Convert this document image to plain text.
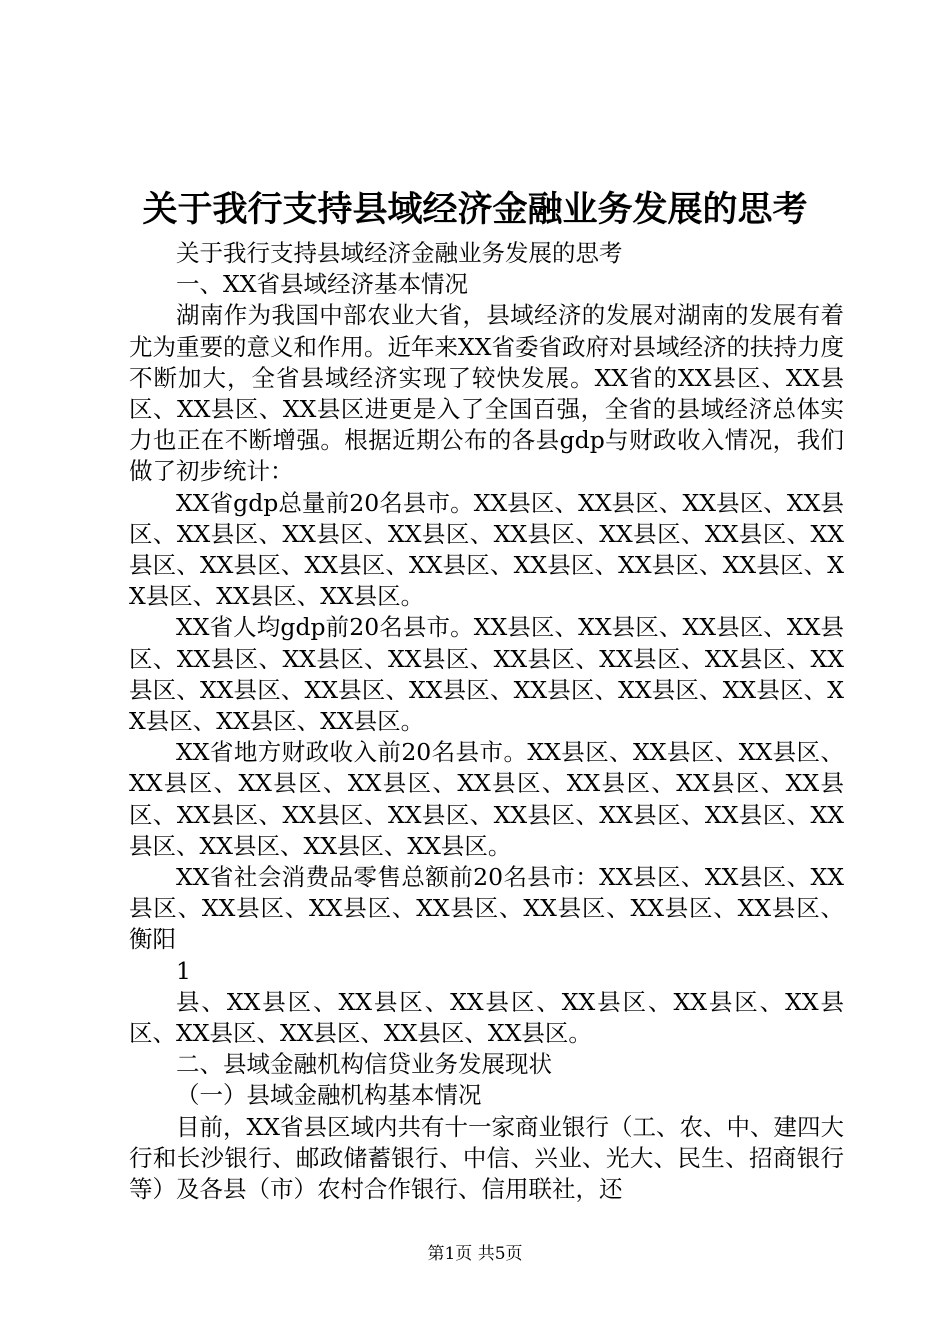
关于我行支持县域经济金融业务发展的思考

关于我行支持县域经济金融业务发展的思考

一、XX省县域经济基本情况

湖南作为我国中部农业大省，县域经济的发展对湖南的发展有着尤为重要的意义和作用。近年来XX省委省政府对县域经济的扶持力度不断加大，全省县域经济实现了较快发展。XX省的XX县区、XX县区、XX县区、XX县区进更是入了全国百强，全省的县域经济总体实力也正在不断增强。根据近期公布的各县gdp与财政收入情况，我们做了初步统计：

XX省gdp总量前20名县市。XX县区、XX县区、XX县区、XX县区、XX县区、XX县区、XX县区、XX县区、XX县区、XX县区、XX县区、XX县区、XX县区、XX县区、XX县区、XX县区、XX县区、XX县区、XX县区、XX县区。

XX省人均gdp前20名县市。XX县区、XX县区、XX县区、XX县区、XX县区、XX县区、XX县区、XX县区、XX县区、XX县区、XX县区、XX县区、XX县区、XX县区、XX县区、XX县区、XX县区、XX县区、XX县区、XX县区。

XX省地方财政收入前20名县市。XX县区、XX县区、XX县区、XX县区、XX县区、XX县区、XX县区、XX县区、XX县区、XX县区、XX县区、XX县区、XX县区、XX县区、XX县区、XX县区、XX县区、XX县区、XX县区、XX县区。

XX省社会消费品零售总额前20名县市：XX县区、XX县区、XX县区、XX县区、XX县区、XX县区、XX县区、XX县区、XX县区、衡阳

1

县、XX县区、XX县区、XX县区、XX县区、XX县区、XX县区、XX县区、XX县区、XX县区、XX县区。

二、县域金融机构信贷业务发展现状

（一）县域金融机构基本情况

目前，XX省县区域内共有十一家商业银行（工、农、中、建四大行和长沙银行、邮政储蓄银行、中信、兴业、光大、民生、招商银行等）及各县（市）农村合作银行、信用联社，还

第1页 共5页
